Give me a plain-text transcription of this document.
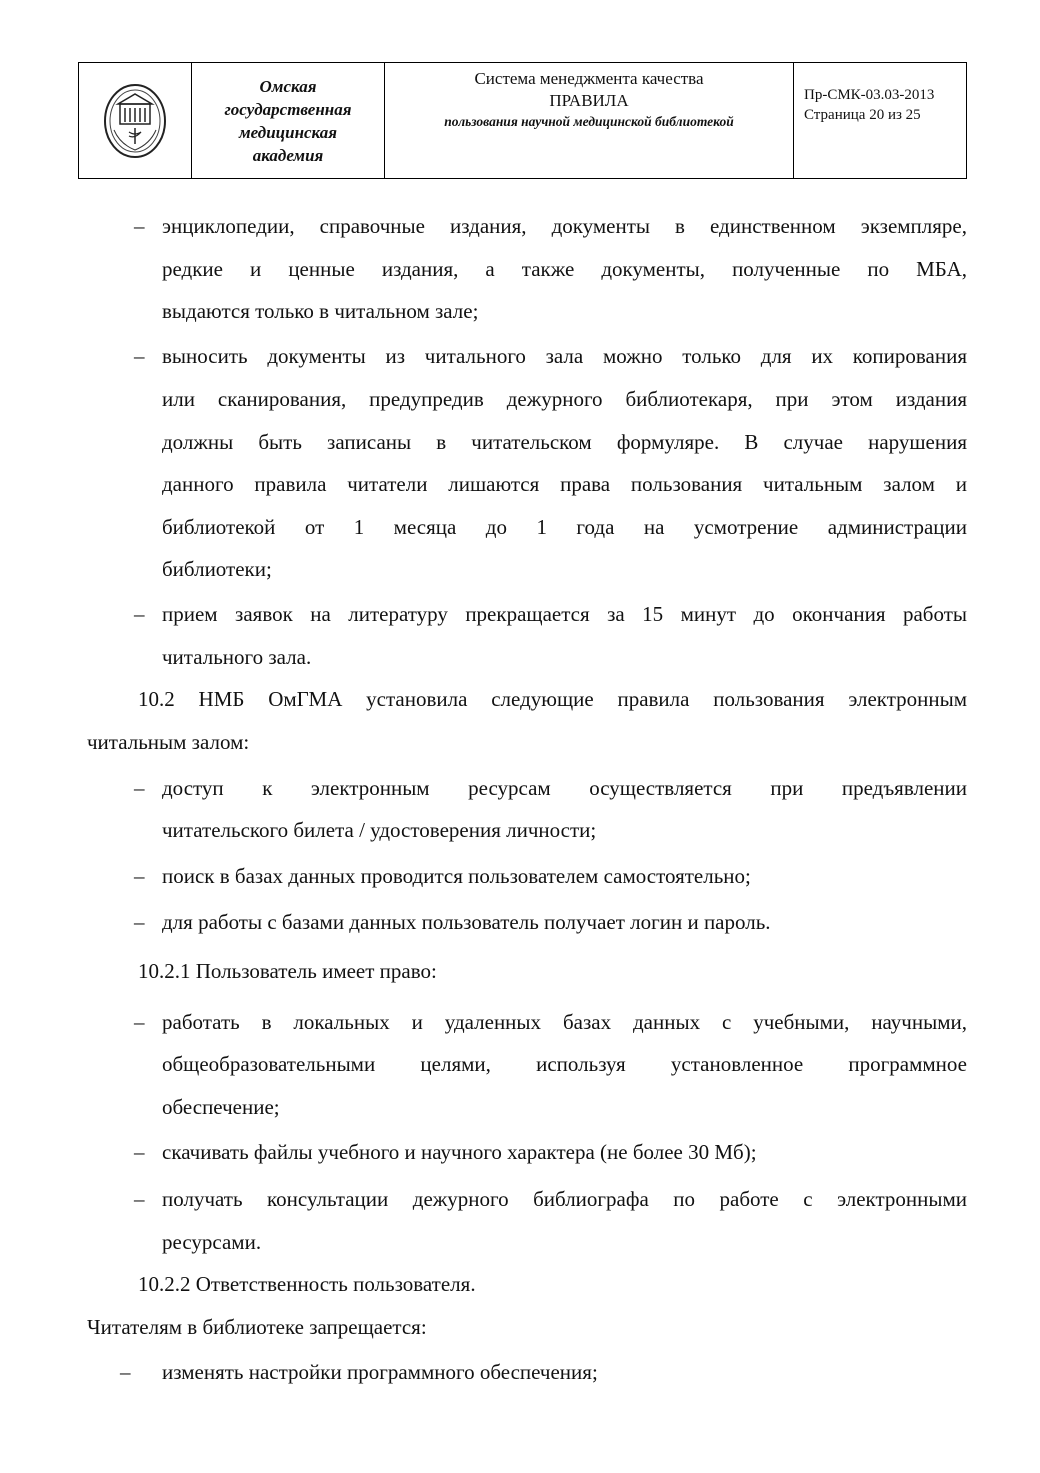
Омская
государственная
медицинская
академия
Система менеджмента качества
ПРАВИЛА
пользования научной медицинской библиотекой
Пр-СМК-03.03-2013
Страница 20 из 25
– энциклопедии, справочные издания, документы в единственном экземпляре,
редкие и ценные издания, а также документы, полученные по МБА,
выдаются только в читальном зале;
– выносить документы из читального зала можно только для их копирования
или сканирования, предупредив дежурного библиотекаря, при этом издания
должны быть записаны в читательском формуляре. В случае нарушения
данного правила читатели лишаются права пользования читальным залом и
библиотекой от 1 месяца до 1 года на усмотрение администрации
библиотеки;
– прием заявок на литературу прекращается за 15 минут до окончания работы
читального зала.
10.2 НМБ ОмГМА установила следующие правила пользования электронным
читальным залом:
– доступ к электронным ресурсам осуществляется при предъявлении
читательского билета / удостоверения личности;
– поиск в базах данных проводится пользователем самостоятельно;
– для работы с базами данных пользователь получает логин и пароль.
10.2.1 Пользователь имеет право:
– работать в локальных и удаленных базах данных с учебными, научными,
общеобразовательными целями, используя установленное программное
обеспечение;
– скачивать файлы учебного и научного характера (не более 30 Мб);
– получать консультации дежурного библиографа по работе с электронными
ресурсами.
10.2.2 Ответственность пользователя.
Читателям в библиотеке запрещается:
– изменять настройки программного обеспечения;
